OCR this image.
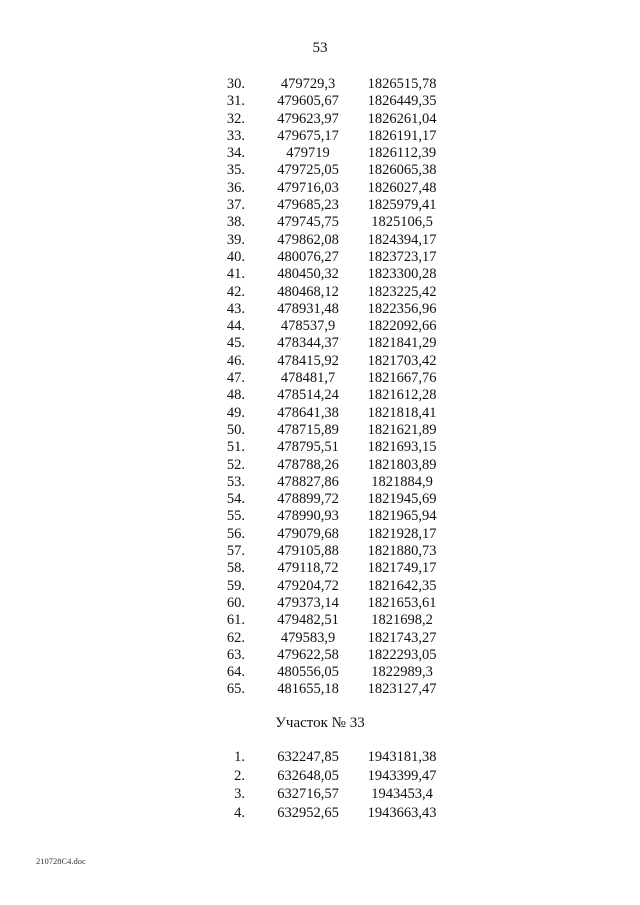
53
30.	479729,3	1826515,78
31. 479605,67	1826449,35
32. 479623,97	1826261,04
33. 479675,17	1826191,17
34.	479719	1826112,39
35. 479725,05	1826065,38
36. 479716,03	1826027,48
37. 479685,23	1825979,41
38. 479745,75	1825106,5
39. 479862,08	1824394,17
40. 480076,27	1823723,17
41. 480450,32	1823300,28
42. 480468,12	1823225,42
43. 478931,48	1822356,96
44.	478537,9	1822092,66
45. 478344,37	1821841,29
46. 478415,92	1821703,42
47.	478481,7	1821667,76
48. 478514,24	1821612,28
49. 478641,38	1821818,41
50. 478715,89	1821621,89
51. 478795,51	1821693,15
52. 478788,26	1821803,89
53. 478827,86	1821884,9
54. 478899,72	1821945,69
55. 478990,93	1821965,94
56. 479079,68	1821928,17
57. 479105,88	1821880,73
58. 479118,72	1821749,17
59. 479204,72	1821642,35
60. 479373,14	1821653,61
61. 479482,51	1821698,2
62.	479583,9	1821743,27
63. 479622,58	1822293,05
64. 480556,05	1822989,3
65. 481655,18	1823127,47
Участок № 33
1. 632247,85	1943181,38
2. 632648,05	1943399,47
3. 632716,57	1943453,4
4. 632952,65	1943663,43
210728C4.doc
